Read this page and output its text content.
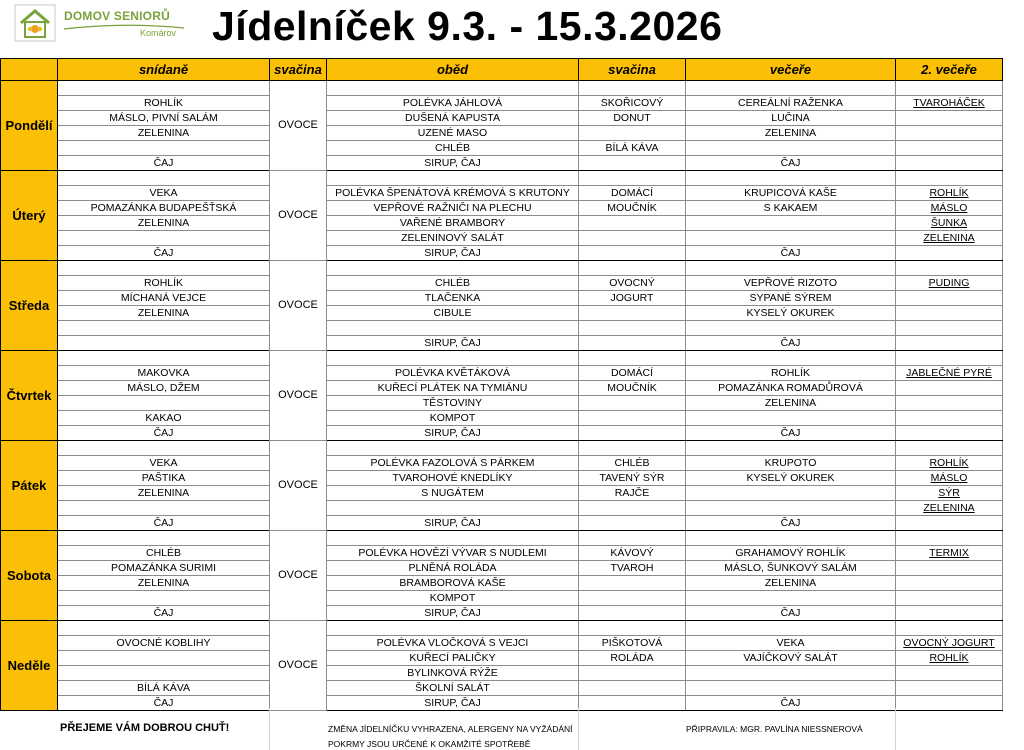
DOMOV SENIORŮ
Komárov Jídelníček 9.3. - 15.3.2026
	snídaně	svačina	oběd	svačina	večeře	2. večeře
Pondělí		OVOCE				
	ROHLÍK		POLÉVKA JÁHLOVÁ	SKOŘICOVÝ	CEREÁLNÍ RAŽENKA	TVAROHÁČEK
	MÁSLO, PIVNÍ SALÁM		DUŠENÁ KAPUSTA	DONUT	LUČINA	
	ZELENINA		UZENÉ MASO		ZELENINA	
			CHLÉB	BÍLÁ KÁVA		
	ČAJ		SIRUP, ČAJ		ČAJ	
Úterý		OVOCE				
	VEKA		POLÉVKA ŠPENÁTOVÁ KRÉMOVÁ S KRUTONY	DOMÁCÍ	KRUPICOVÁ KAŠE	ROHLÍK
	POMAZÁNKA BUDAPEŠŤSKÁ		VEPŘOVÉ RAŽNIČI NA PLECHU	MOUČNÍK	S KAKAEM	MÁSLO
	ZELENINA		VAŘENÉ BRAMBORY			ŠUNKA
			ZELENINOVÝ SALÁT			ZELENINA
	ČAJ		SIRUP, ČAJ		ČAJ	
Středa		OVOCE				
	ROHLÍK		CHLÉB	OVOCNÝ	VEPŘOVÉ RIZOTO	PUDING
	MÍCHANÁ VEJCE		TLAČENKA	JOGURT	SYPANÉ SÝREM	
	ZELENINA		CIBULE		KYSELÝ OKUREK	

			SIRUP, ČAJ		ČAJ	
Čtvrtek		OVOCE				
	MAKOVKA		POLÉVKA KVĚTÁKOVÁ	DOMÁCÍ	ROHLÍK	JABLEČNÉ PYRÉ
	MÁSLO, DŽEM		KUŘECÍ PLÁTEK NA TYMIÁNU	MOUČNÍK	POMAZÁNKA ROMADŮROVÁ	
			TĚSTOVINY		ZELENINA	
	KAKAO		KOMPOT			
	ČAJ		SIRUP, ČAJ		ČAJ	
Pátek		OVOCE				
	VEKA		POLÉVKA FAZOLOVÁ S PÁRKEM	CHLÉB	KRUPOTO	ROHLÍK
	PAŠTIKA		TVAROHOVÉ KNEDLÍKY	TAVENÝ SÝR	KYSELÝ OKUREK	MÁSLO
	ZELENINA		S NUGÁTEM	RAJČE		SÝR
						ZELENINA
	ČAJ		SIRUP, ČAJ		ČAJ	
Sobota		OVOCE				
	CHLÉB		POLÉVKA HOVĚZÍ VÝVAR S NUDLEMI	KÁVOVÝ	GRAHAMOVÝ ROHLÍK	TERMIX
	POMAZÁNKA SURIMI		PLNĚNÁ ROLÁDA	TVAROH	MÁSLO, ŠUNKOVÝ SALÁM	
	ZELENINA		BRAMBOROVÁ KAŠE		ZELENINA	
			KOMPOT			
	ČAJ		SIRUP, ČAJ		ČAJ	
Neděle		OVOCE				
	OVOCNÉ KOBLIHY		POLÉVKA VLOČKOVÁ S VEJCI	PIŠKOTOVÁ	VEKA	OVOCNÝ JOGURT
			KUŘECÍ PALIČKY	ROLÁDA	VAJÍČKOVÝ SALÁT	ROHLÍK
			BYLINKOVÁ RÝŽE			
	BÍLÁ KÁVA		ŠKOLNÍ SALÁT			
	ČAJ		SIRUP, ČAJ		ČAJ	
PŘEJEME VÁM DOBROU CHUŤ!	ZMĚNA JÍDELNÍČKU VYHRAZENA, ALERGENY NA VYŽÁDÁNÍ
POKRMY JSOU URČENÉ K OKAMŽITÉ SPOTŘEBĚ
PŘIPRAVILA: MGR. PAVLÍNA NIESSNEROVÁ
